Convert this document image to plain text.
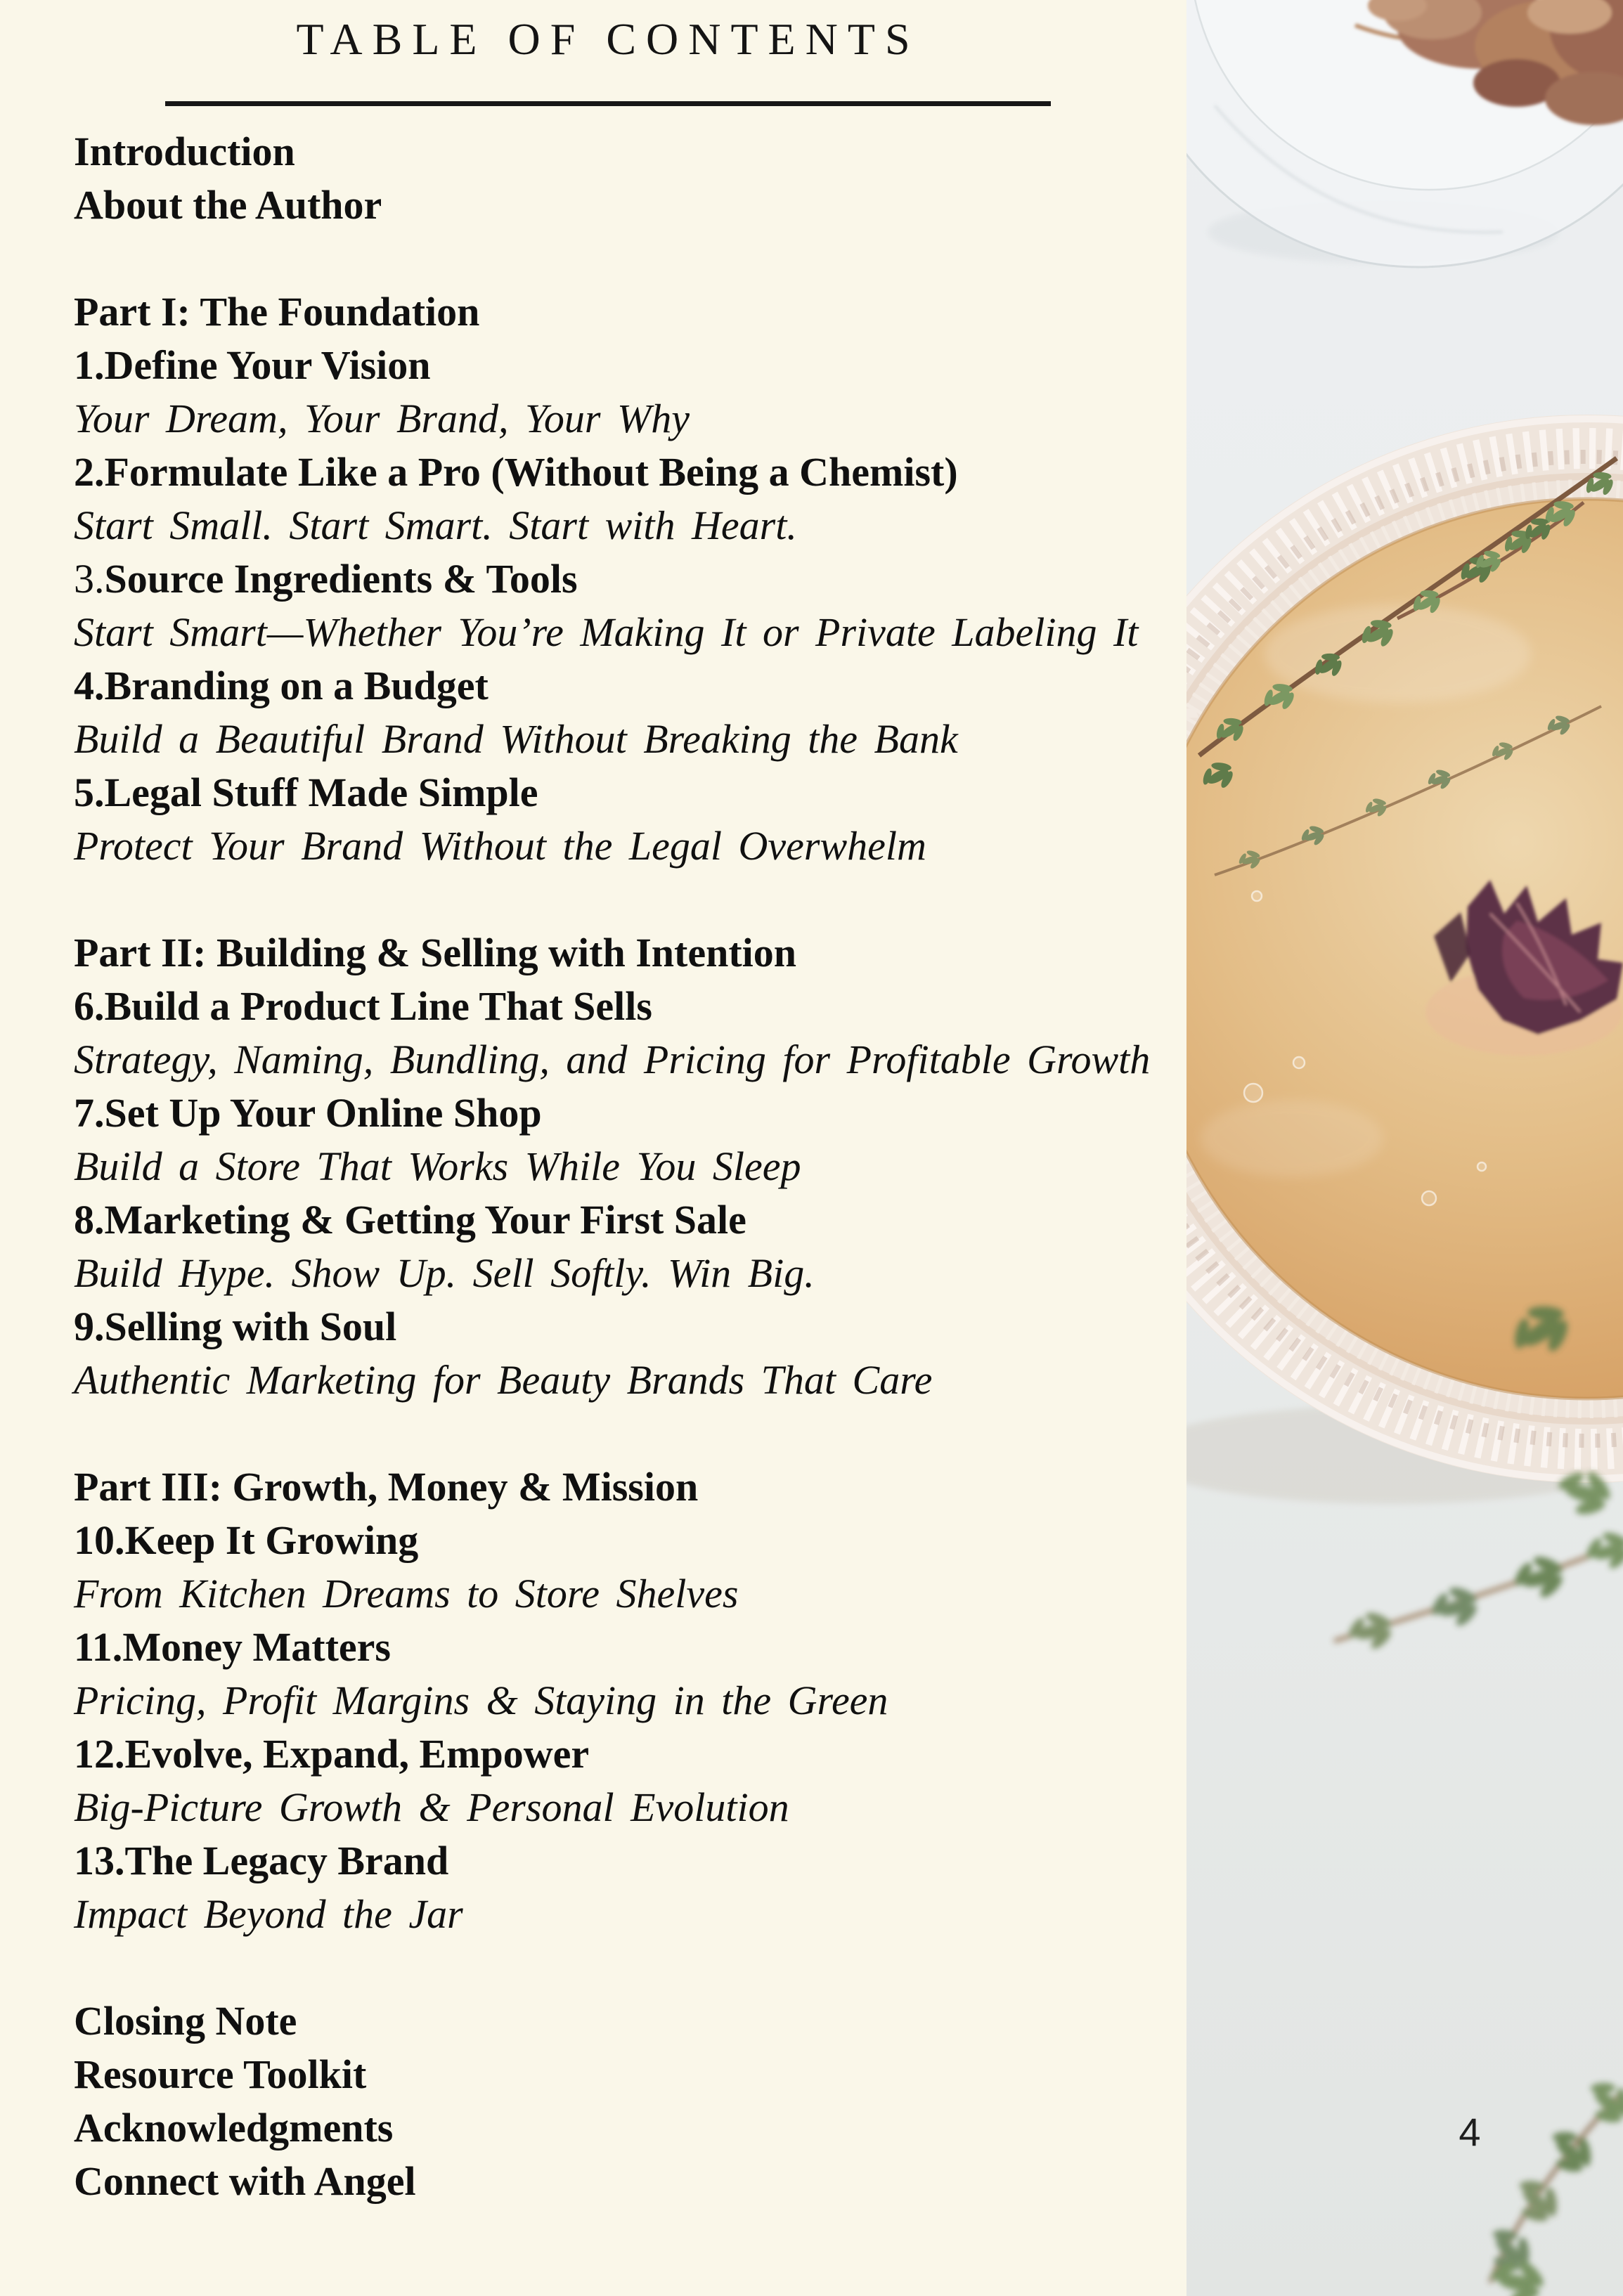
TABLE OF CONTENTS

Introduction

About the Author

Part I: The Foundation

1.Define Your Vision

Your Dream, Your Brand, Your Why

2.Formulate Like a Pro (Without Being a Chemist)

Start Small. Start Smart. Start with Heart.

3.Source Ingredients & Tools

Start Smart—Whether You’re Making It or Private Labeling It

4.Branding on a Budget

Build a Beautiful Brand Without Breaking the Bank

5.Legal Stuff Made Simple

Protect Your Brand Without the Legal Overwhelm

Part II: Building & Selling with Intention

6.Build a Product Line That Sells

Strategy, Naming, Bundling, and Pricing for Profitable Growth

7.Set Up Your Online Shop

Build a Store That Works While You Sleep

8.Marketing & Getting Your First Sale

Build Hype. Show Up. Sell Softly. Win Big.

9.Selling with Soul

Authentic Marketing for Beauty Brands That Care

Part III: Growth, Money & Mission

10.Keep It Growing

From Kitchen Dreams to Store Shelves

11.Money Matters

Pricing, Profit Margins & Staying in the Green

12.Evolve, Expand, Empower

Big-Picture Growth & Personal Evolution

13.The Legacy Brand

Impact Beyond the Jar

Closing Note

Resource Toolkit

Acknowledgments

Connect with Angel

4
